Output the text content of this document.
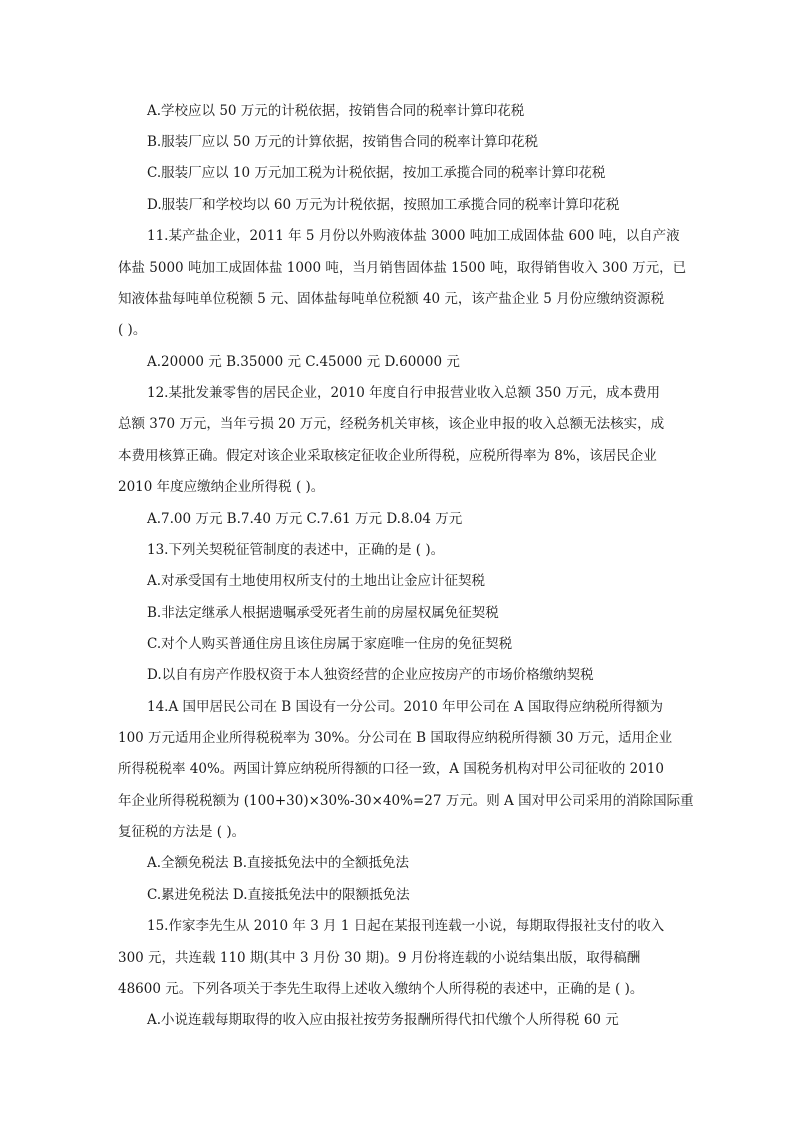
A.学校应以 50 万元的计税依据，按销售合同的税率计算印花税
B.服装厂应以 50 万元的计算依据，按销售合同的税率计算印花税
C.服装厂应以 10 万元加工税为计税依据，按加工承揽合同的税率计算印花税
D.服装厂和学校均以 60 万元为计税依据，按照加工承揽合同的税率计算印花税
11.某产盐企业，2011 年 5 月份以外购液体盐 3000 吨加工成固体盐 600 吨，以自产液
体盐 5000 吨加工成固体盐 1000 吨，当月销售固体盐 1500 吨，取得销售收入 300 万元，已
知液体盐每吨单位税额 5 元、固体盐每吨单位税额 40 元，该产盐企业 5 月份应缴纳资源税
( )。
A.20000 元 B.35000 元 C.45000 元 D.60000 元
12.某批发兼零售的居民企业，2010 年度自行申报营业收入总额 350 万元，成本费用
总额 370 万元，当年亏损 20 万元，经税务机关审核，该企业申报的收入总额无法核实，成
本费用核算正确。假定对该企业采取核定征收企业所得税，应税所得率为 8%，该居民企业
2010 年度应缴纳企业所得税 ( )。
A.7.00 万元 B.7.40 万元 C.7.61 万元 D.8.04 万元
13.下列关契税征管制度的表述中，正确的是 ( )。
A.对承受国有土地使用权所支付的土地出让金应计征契税
B.非法定继承人根据遗嘱承受死者生前的房屋权属免征契税
C.对个人购买普通住房且该住房属于家庭唯一住房的免征契税
D.以自有房产作股权资于本人独资经营的企业应按房产的市场价格缴纳契税
14.A 国甲居民公司在 B 国设有一分公司。2010 年甲公司在 A 国取得应纳税所得额为
100 万元适用企业所得税税率为 30%。分公司在 B 国取得应纳税所得额 30 万元，适用企业
所得税税率 40%。两国计算应纳税所得额的口径一致，A 国税务机构对甲公司征收的 2010
年企业所得税税额为 (100+30)×30%-30×40%=27 万元。则 A 国对甲公司采用的消除国际重
复征税的方法是 ( )。
A.全额免税法 B.直接抵免法中的全额抵免法
C.累进免税法 D.直接抵免法中的限额抵免法
15.作家李先生从 2010 年 3 月 1 日起在某报刊连载一小说，每期取得报社支付的收入
300 元，共连载 110 期(其中 3 月份 30 期)。9 月份将连载的小说结集出版，取得稿酬
48600 元。下列各项关于李先生取得上述收入缴纳个人所得税的表述中，正确的是 ( )。
A.小说连载每期取得的收入应由报社按劳务报酬所得代扣代缴个人所得税 60 元
